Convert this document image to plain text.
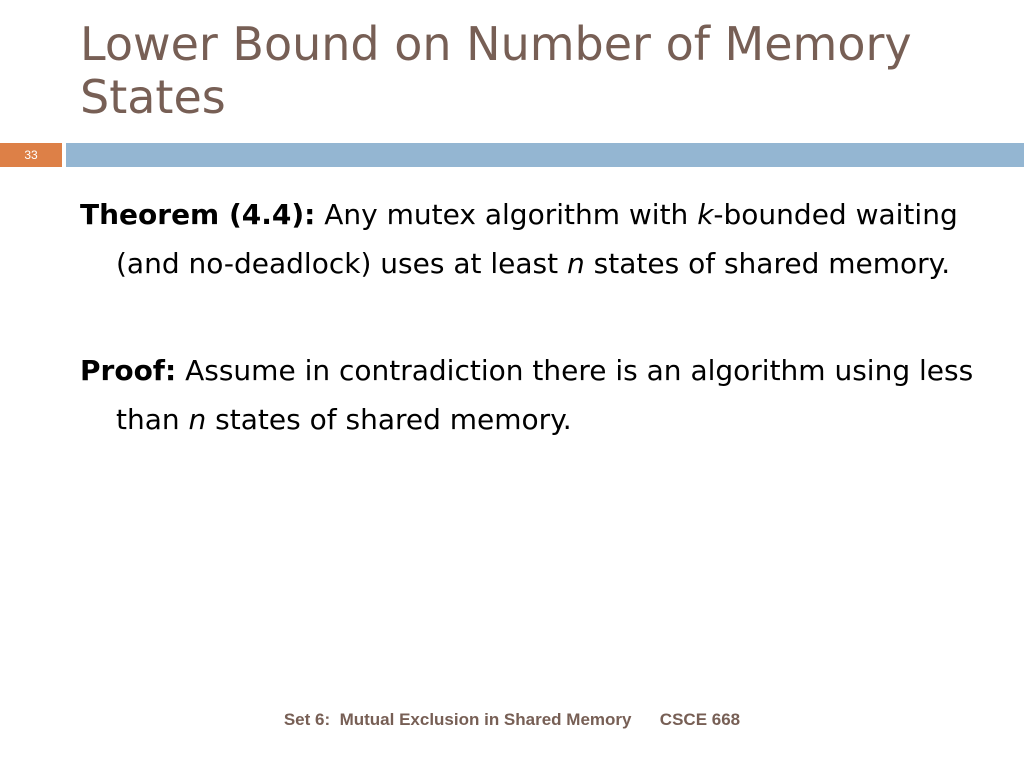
Lower Bound on Number of Memory States
33

Theorem (4.4): Any mutex algorithm with k-bounded waiting (and no-deadlock) uses at least n states of shared memory.

Proof: Assume in contradiction there is an algorithm using less than n states of shared memory.

Set 6:  Mutual Exclusion in Shared Memory      CSCE 668
